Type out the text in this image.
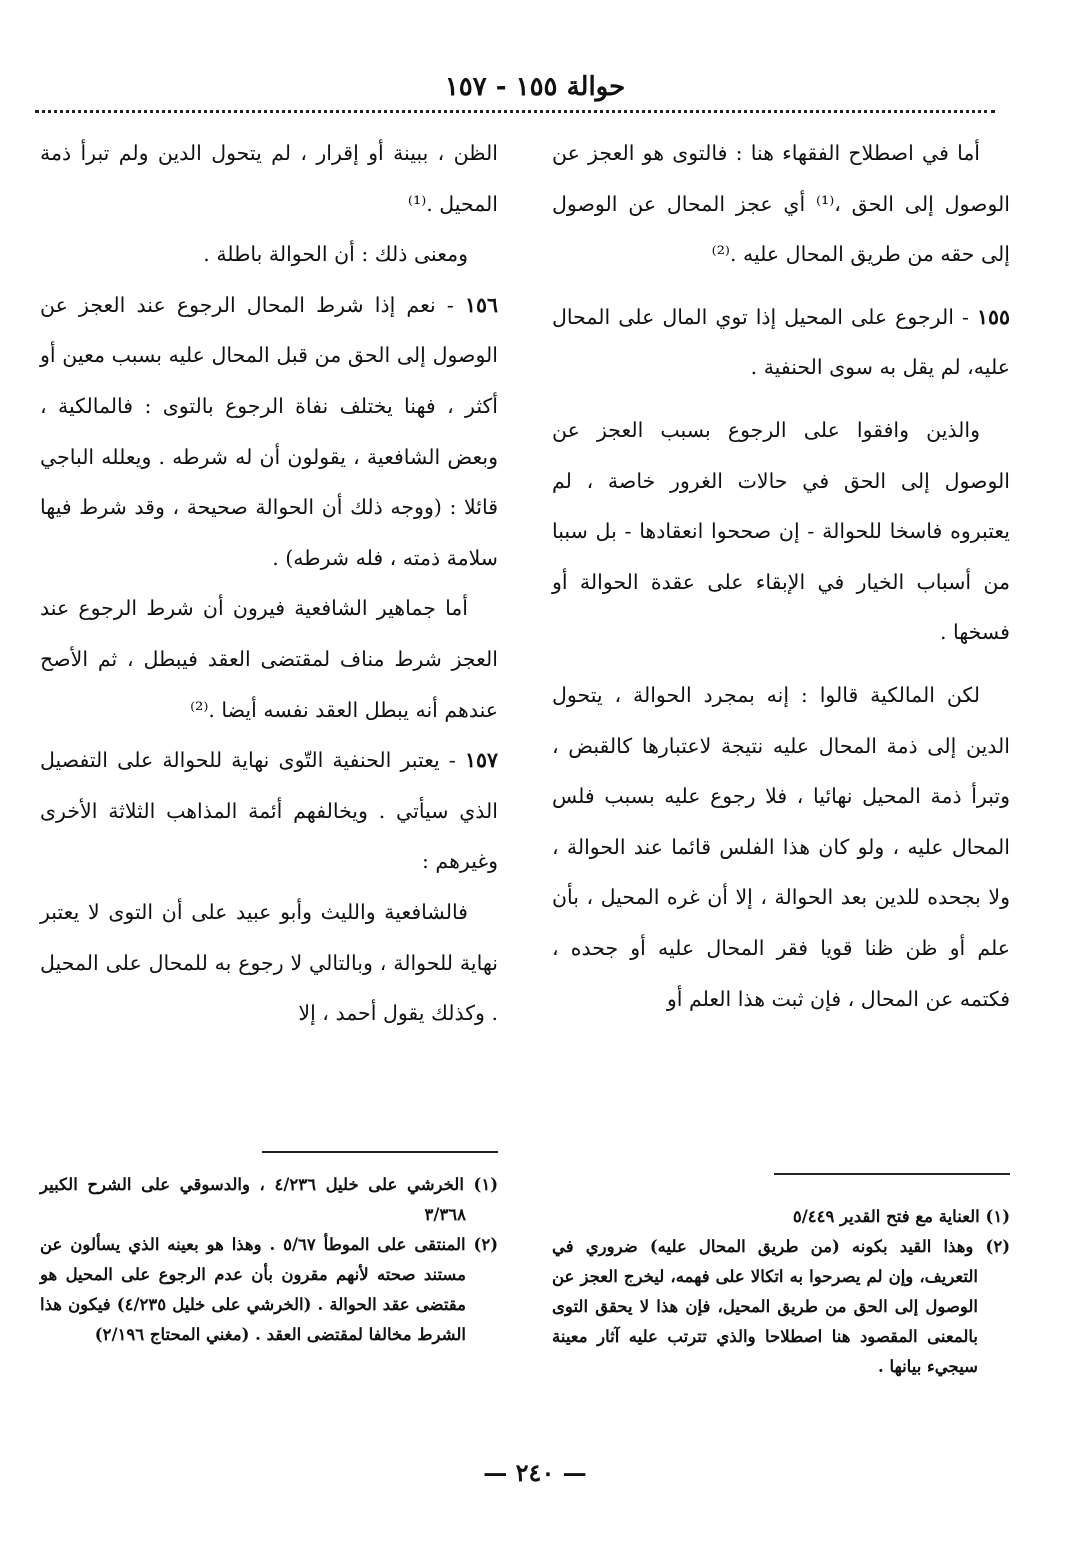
حوالة ١٥٥ - ١٥٧

أما في اصطلاح الفقهاء هنا : فالتوى هو العجز عن الوصول إلى الحق ،⁽¹⁾ أي عجز المحال عن الوصول إلى حقه من طريق المحال عليه .⁽²⁾

١٥٥ - الرجوع على المحيل إذا توي المال على المحال عليه، لم يقل به سوى الحنفية .

والذين وافقوا على الرجوع بسبب العجز عن الوصول إلى الحق في حالات الغرور خاصة ، لم يعتبروه فاسخا للحوالة - إن صححوا انعقادها - بل سببا من أسباب الخيار في الإبقاء على عقدة الحوالة أو فسخها .

لكن المالكية قالوا : إنه بمجرد الحوالة ، يتحول الدين إلى ذمة المحال عليه نتيجة لاعتبارها كالقبض ، وتبرأ ذمة المحيل نهائيا ، فلا رجوع عليه بسبب فلس المحال عليه ، ولو كان هذا الفلس قائما عند الحوالة ، ولا بجحده للدين بعد الحوالة ، إلا أن غره المحيل ، بأن علم أو ظن ظنا قويا فقر المحال عليه أو جحده ، فكتمه عن المحال ، فإن ثبت هذا العلم أو

الظن ، ببينة أو إقرار ، لم يتحول الدين ولم تبرأ ذمة المحيل .⁽¹⁾

ومعنى ذلك : أن الحوالة باطلة .

١٥٦ - نعم إذا شرط المحال الرجوع عند العجز عن الوصول إلى الحق من قبل المحال عليه بسبب معين أو أكثر ، فهنا يختلف نفاة الرجوع بالتوى : فالمالكية ، وبعض الشافعية ، يقولون أن له شرطه . ويعلله الباجي قائلا : (ووجه ذلك أن الحوالة صحيحة ، وقد شرط فيها سلامة ذمته ، فله شرطه) .

أما جماهير الشافعية فيرون أن شرط الرجوع عند العجز شرط مناف لمقتضى العقد فيبطل ، ثم الأصح عندهم أنه يبطل العقد نفسه أيضا .⁽²⁾

١٥٧ - يعتبر الحنفية التّوى نهاية للحوالة على التفصيل الذي سيأتي . ويخالفهم أئمة المذاهب الثلاثة الأخرى وغيرهم :

فالشافعية والليث وأبو عبيد على أن التوى لا يعتبر نهاية للحوالة ، وبالتالي لا رجوع به للمحال على المحيل . وكذلك يقول أحمد ، إلا

(١) العناية مع فتح القدير ٥/٤٤٩

(٢) وهذا القيد بكونه (من طريق المحال عليه) ضروري في التعريف، وإن لم يصرحوا به اتكالا على فهمه، ليخرج العجز عن الوصول إلى الحق من طريق المحيل، فإن هذا لا يحقق التوى بالمعنى المقصود هنا اصطلاحا والذي تترتب عليه آثار معينة سيجيء بيانها .

(١) الخرشي على خليل ٤/٢٣٦ ، والدسوقي على الشرح الكبير ٣/٣٦٨

(٢) المنتقى على الموطأ ٥/٦٧ . وهذا هو بعينه الذي يسألون عن مستند صحته لأنهم مقرون بأن عدم الرجوع على المحيل هو مقتضى عقد الحوالة . (الخرشي على خليل ٤/٢٣٥) فيكون هذا الشرط مخالفا لمقتضى العقد . (مغني المحتاج ٢/١٩٦)

— ٢٤٠ —
